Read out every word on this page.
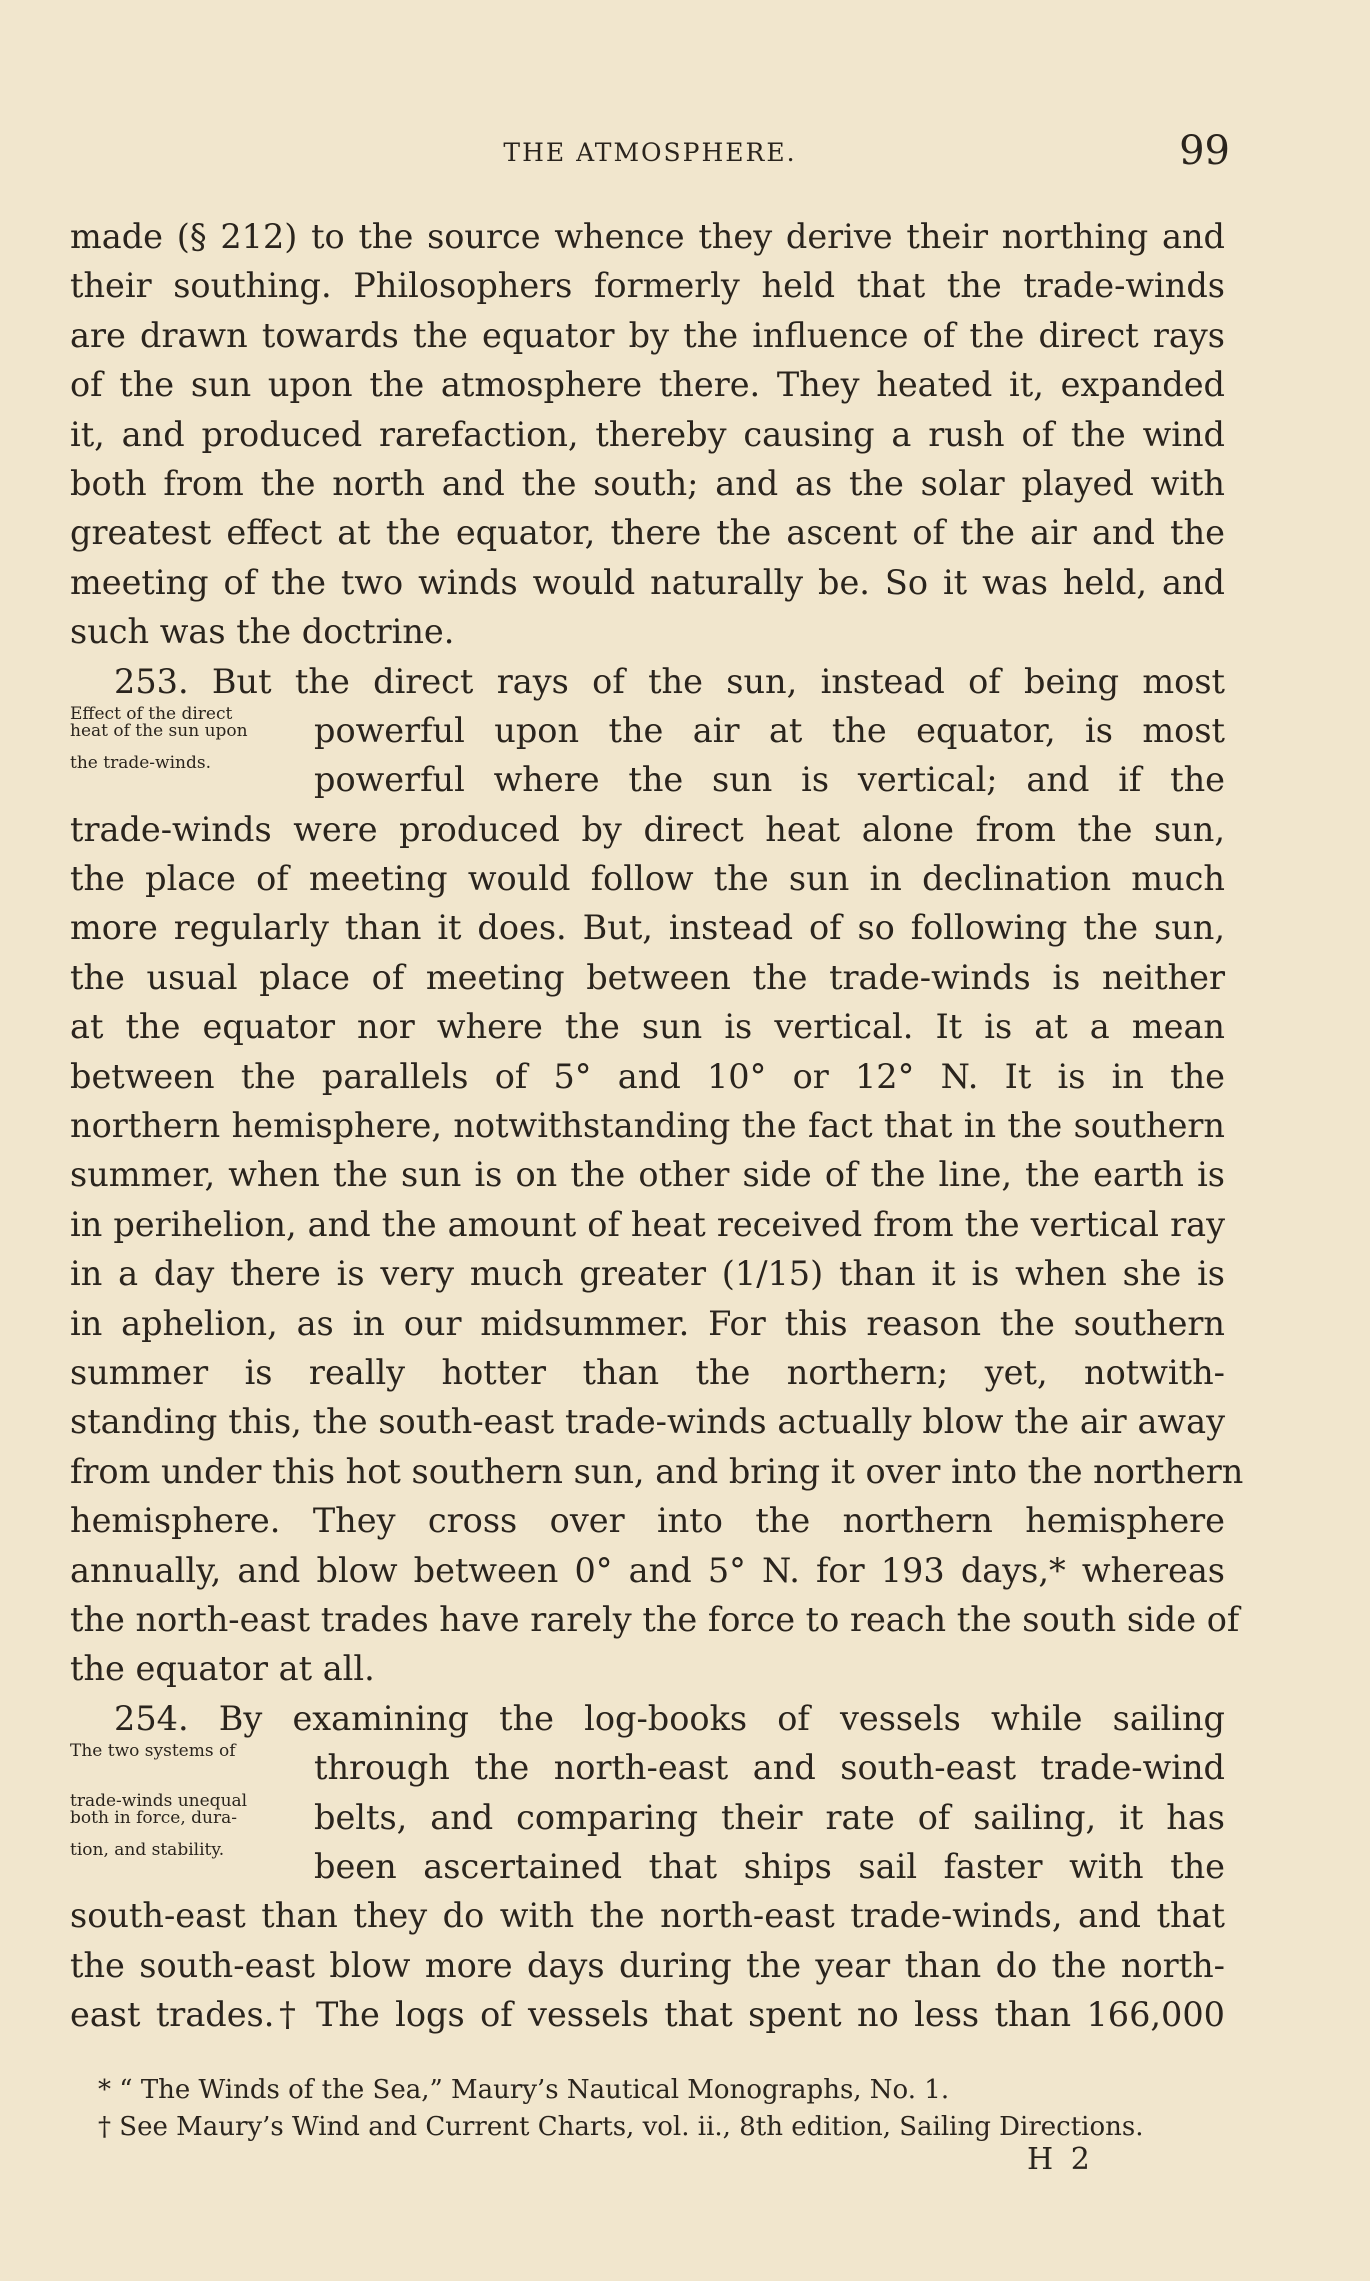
THE ATMOSPHERE.	99
made (§ 212) to the source whence they derive their northing and
their southing. Philosophers formerly held that the trade-winds
are drawn towards the equator by the influence of the direct rays
of the sun upon the atmosphere there. They heated it, expanded
it, and produced rarefaction, thereby causing a rush of the wind
both from the north and the south; and as the solar played with
greatest effect at the equator, there the ascent of the air and the
meeting of the two winds would naturally be. So it was held, and
such was the doctrine.
253. But the direct rays of the sun, instead of being most
Effect of the direct
heat of the sun upon	powerful upon the air at the equator, is most
the trade-winds.	powerful where the sun is vertical; and if the
trade-winds were produced by direct heat alone from the sun,
the place of meeting would follow the sun in declination much
more regularly than it does. But, instead of so following the sun,
the usual place of meeting between the trade-winds is neither
at the equator nor where the sun is vertical. It is at a mean
between the parallels of 5° and 10° or 12° N. It is in the
northern hemisphere, notwithstanding the fact that in the southern
summer, when the sun is on the other side of the line, the earth is
in perihelion, and the amount of heat received from the vertical ray
in a day there is very much greater (1/15) than it is when she is
in aphelion, as in our midsummer. For this reason the southern
summer is really hotter than the northern; yet, notwith-
standing this, the south-east trade-winds actually blow the air away
from under this hot southern sun, and bring it over into the northern
hemisphere. They cross over into the northern hemisphere
annually, and blow between 0° and 5° N. for 193 days,* whereas
the north-east trades have rarely the force to reach the south side of
the equator at all.
254. By examining the log-books of vessels while sailing
The two systems of	through the north-east and south-east trade-wind
trade-winds unequal
both in force, dura-	belts, and comparing their rate of sailing, it has
tion, and stability.	been ascertained that ships sail faster with the
south-east than they do with the north-east trade-winds, and that
the south-east blow more days during the year than do the north-
east trades.† The logs of vessels that spent no less than 166,000
* “ The Winds of the Sea,” Maury’s Nautical Monographs, No. 1.
† See Maury’s Wind and Current Charts, vol. ii., 8th edition, Sailing Directions.
H 2
